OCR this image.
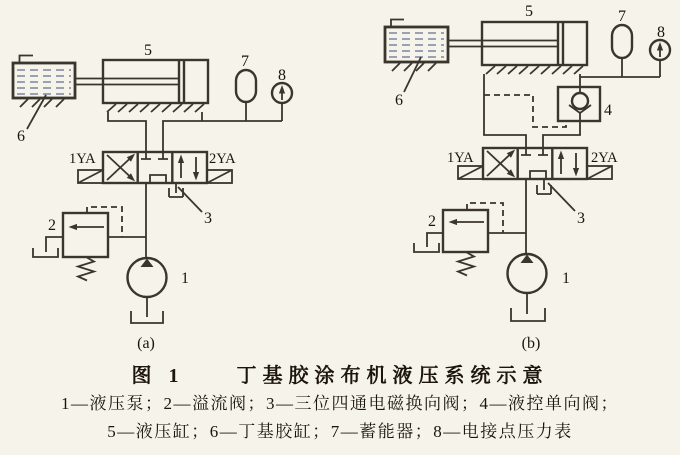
6
5
7
8
1YA	2YA
3
2
1
(a)
6
5
4
7
8
1YA	2YA
3
2
1
(b)
图 1　　丁基胶涂布机液压系统示意
1—液压泵；2—溢流阀；3—三位四通电磁换向阀；4—液控单向阀；
5—液压缸；6—丁基胶缸；7—蓄能器；8—电接点压力表
